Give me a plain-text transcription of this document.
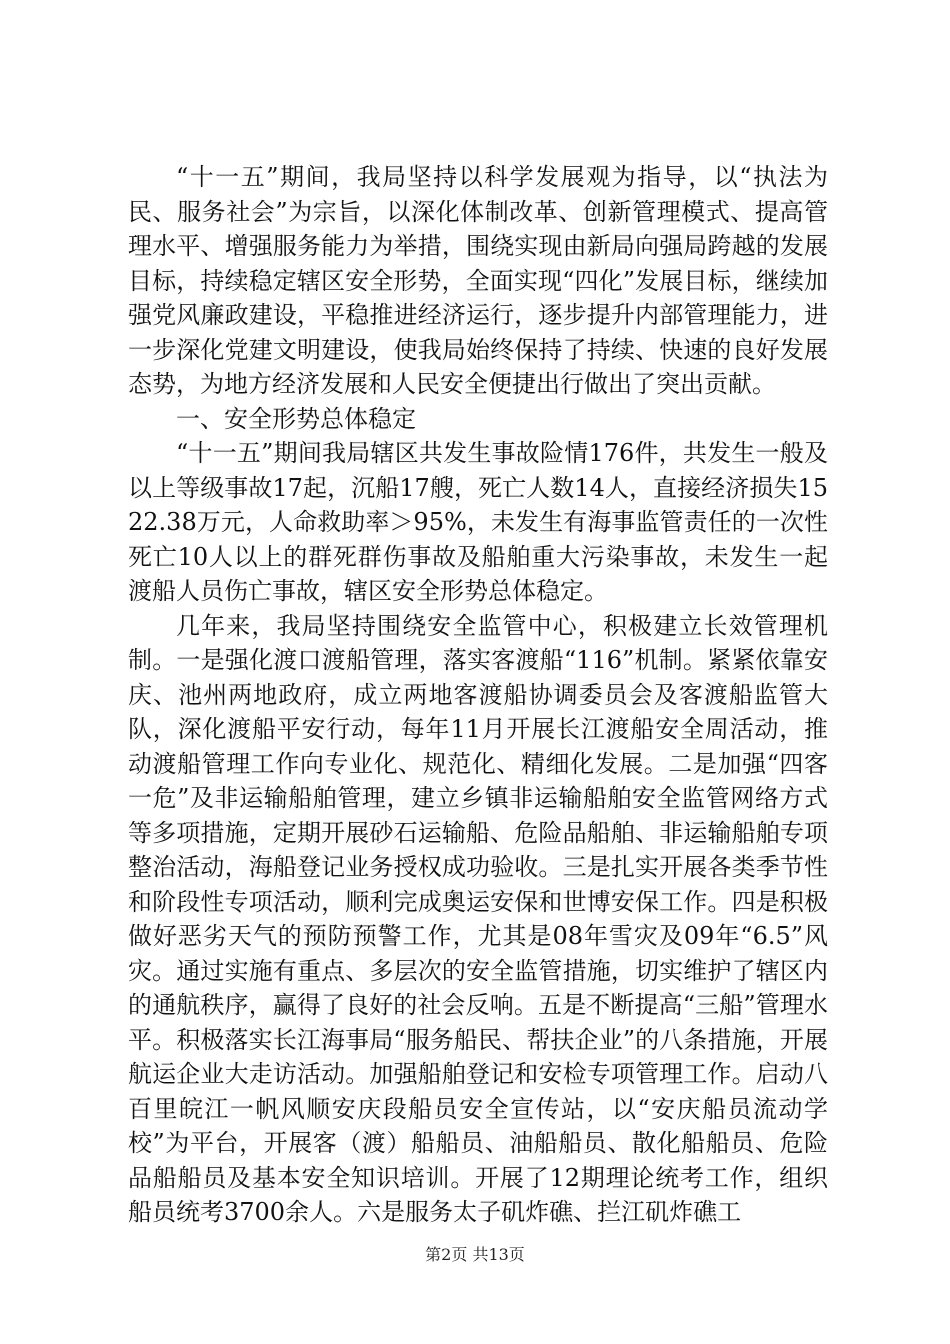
“十一五”期间，我局坚持以科学发展观为指导，以“执法为民、服务社会”为宗旨，以深化体制改革、创新管理模式、提高管理水平、增强服务能力为举措，围绕实现由新局向强局跨越的发展目标，持续稳定辖区安全形势，全面实现“四化”发展目标，继续加强党风廉政建设，平稳推进经济运行，逐步提升内部管理能力，进一步深化党建文明建设，使我局始终保持了持续、快速的良好发展态势，为地方经济发展和人民安全便捷出行做出了突出贡献。

一、安全形势总体稳定

“十一五”期间我局辖区共发生事故险情176件，共发生一般及以上等级事故17起，沉船17艘，死亡人数14人，直接经济损失1522.38万元，人命救助率＞95%，未发生有海事监管责任的一次性死亡10人以上的群死群伤事故及船舶重大污染事故，未发生一起渡船人员伤亡事故，辖区安全形势总体稳定。

几年来，我局坚持围绕安全监管中心，积极建立长效管理机制。一是强化渡口渡船管理，落实客渡船“116”机制。紧紧依靠安庆、池州两地政府，成立两地客渡船协调委员会及客渡船监管大队，深化渡船平安行动，每年11月开展长江渡船安全周活动，推动渡船管理工作向专业化、规范化、精细化发展。二是加强“四客一危”及非运输船舶管理，建立乡镇非运输船舶安全监管网络方式等多项措施，定期开展砂石运输船、危险品船舶、非运输船舶专项整治活动，海船登记业务授权成功验收。三是扎实开展各类季节性和阶段性专项活动，顺利完成奥运安保和世博安保工作。四是积极做好恶劣天气的预防预警工作，尤其是08年雪灾及09年“6.5”风灾。通过实施有重点、多层次的安全监管措施，切实维护了辖区内的通航秩序，赢得了良好的社会反响。五是不断提高“三船”管理水平。积极落实长江海事局“服务船民、帮扶企业”的八条措施，开展航运企业大走访活动。加强船舶登记和安检专项管理工作。启动八百里皖江一帆风顺安庆段船员安全宣传站，以“安庆船员流动学校”为平台，开展客（渡）船船员、油船船员、散化船船员、危险品船船员及基本安全知识培训。开展了12期理论统考工作，组织船员统考3700余人。六是服务太子矶炸礁、拦江矶炸礁工

第2页 共13页
